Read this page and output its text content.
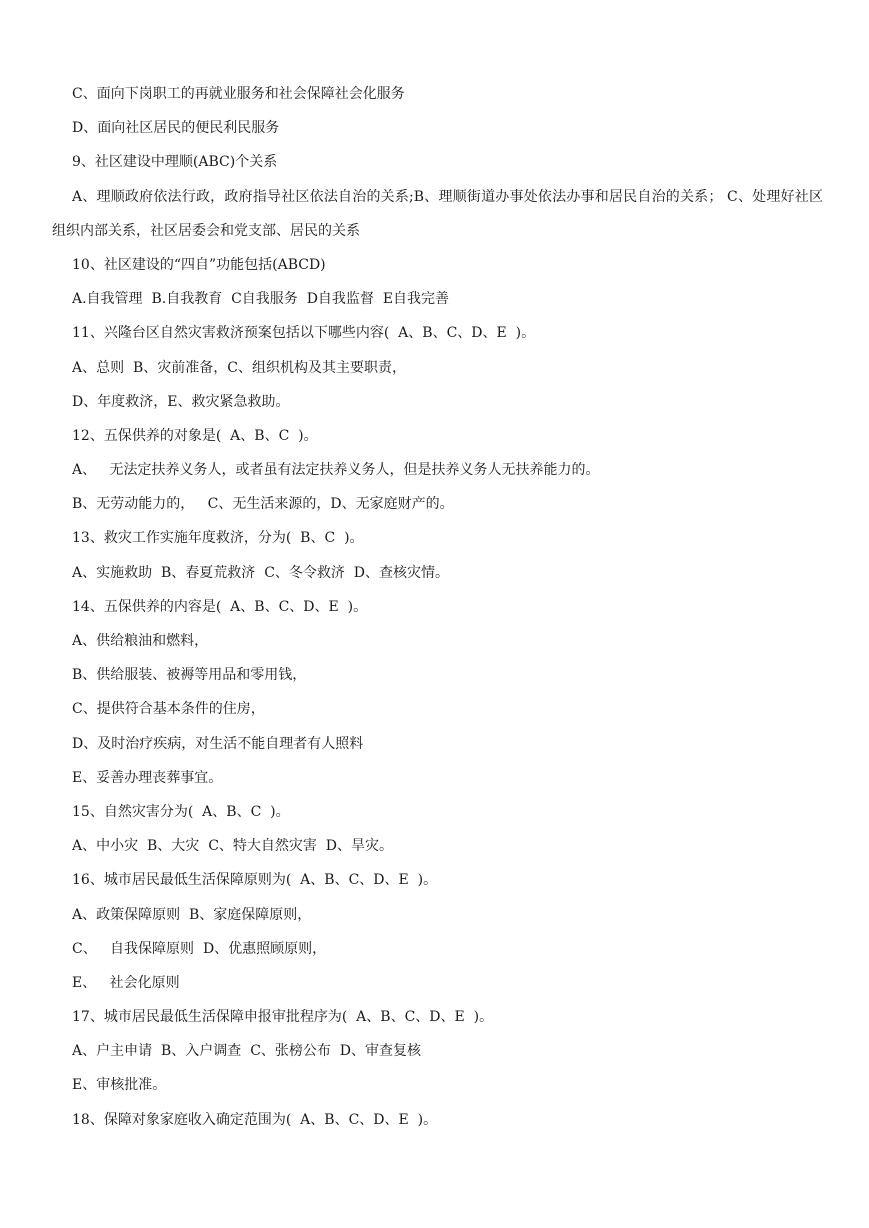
C、面向下岗职工的再就业服务和社会保障社会化服务
D、面向社区居民的便民利民服务
9、社区建设中理顺(ABC)个关系
A、理顺政府依法行政，政府指导社区依法自治的关系;B、理顺街道办事处依法办事和居民自治的关系； C、处理好社区组织内部关系，社区居委会和党支部、居民的关系
10、社区建设的“四自”功能包括(ABCD)
A.自我管理  B.自我教育  C自我服务  D自我监督  E自我完善
11、兴隆台区自然灾害救济预案包括以下哪些内容(  A、B、C、D、E  )。
A、总则  B、灾前准备，C、组织机构及其主要职责，
D、年度救济，E、救灾紧急救助。
12、五保供养的对象是(  A、B、C  )。
A、   无法定扶养义务人，或者虽有法定扶养义务人，但是扶养义务人无扶养能力的。
B、无劳动能力的，   C、无生活来源的，D、无家庭财产的。
13、救灾工作实施年度救济，分为(  B、C  )。
A、实施救助  B、春夏荒救济  C、冬令救济  D、查核灾情。
14、五保供养的内容是(  A、B、C、D、E  )。
A、供给粮油和燃料，
B、供给服装、被褥等用品和零用钱，
C、提供符合基本条件的住房，
D、及时治疗疾病，对生活不能自理者有人照料
E、妥善办理丧葬事宜。
15、自然灾害分为(  A、B、C  )。
A、中小灾  B、大灾  C、特大自然灾害  D、旱灾。
16、城市居民最低生活保障原则为(  A、B、C、D、E  )。
A、政策保障原则  B、家庭保障原则，
C、   自我保障原则  D、优惠照顾原则，
E、   社会化原则
17、城市居民最低生活保障申报审批程序为(  A、B、C、D、E  )。
A、户主申请  B、入户调查  C、张榜公布  D、审查复核
E、审核批准。
18、保障对象家庭收入确定范围为(  A、B、C、D、E  )。
